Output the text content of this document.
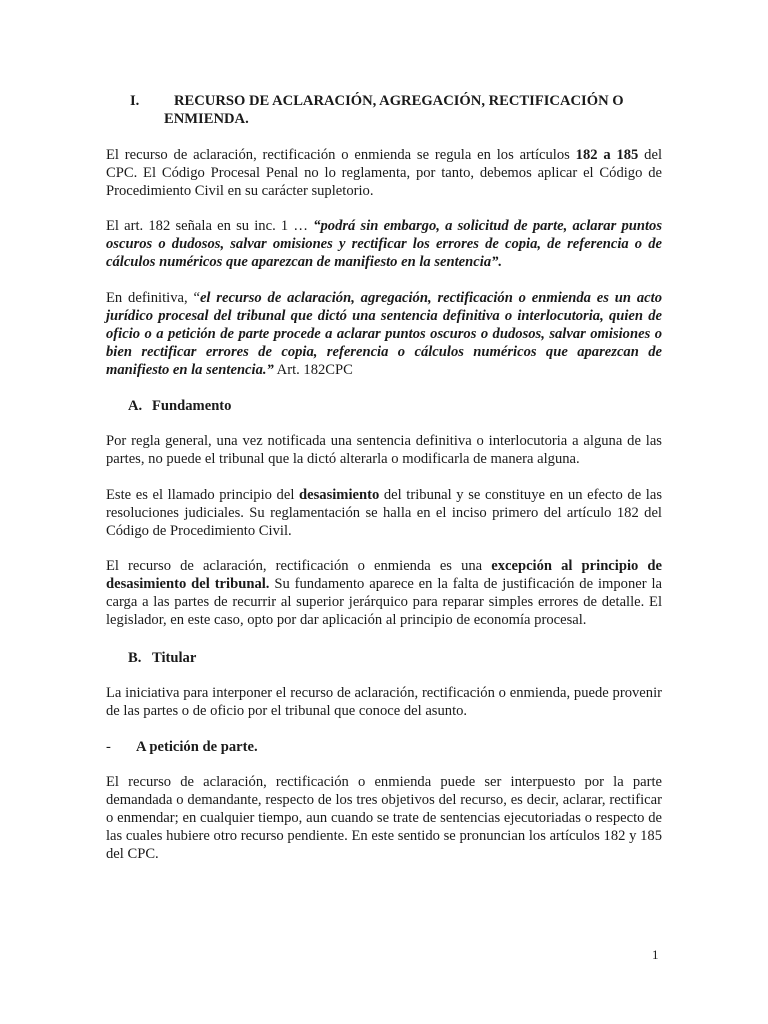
I. RECURSO DE ACLARACIÓN, AGREGACIÓN, RECTIFICACIÓN O
ENMIENDA.

El recurso de aclaración, rectificación o enmienda se regula en los artículos 182 a 185 del CPC. El Código Procesal Penal no lo reglamenta, por tanto, debemos aplicar el Código de Procedimiento Civil en su carácter supletorio.

El art. 182 señala en su inc. 1 … “podrá sin embargo, a solicitud de parte, aclarar puntos oscuros o dudosos, salvar omisiones y rectificar los errores de copia, de referencia o de cálculos numéricos que aparezcan de manifiesto en la sentencia”.

En definitiva, “el recurso de aclaración, agregación, rectificación o enmienda es un acto jurídico procesal del tribunal que dictó una sentencia definitiva o interlocutoria, quien de oficio o a petición de parte procede a aclarar puntos oscuros o dudosos, salvar omisiones o bien rectificar errores de copia, referencia o cálculos numéricos que aparezcan de manifiesto en la sentencia.” Art. 182CPC

A. Fundamento

Por regla general, una vez notificada una sentencia definitiva o interlocutoria a alguna de las partes, no puede el tribunal que la dictó alterarla o modificarla de manera alguna.

Este es el llamado principio del desasimiento del tribunal y se constituye en un efecto de las resoluciones judiciales. Su reglamentación se halla en el inciso primero del artículo 182 del Código de Procedimiento Civil.

El recurso de aclaración, rectificación o enmienda es una excepción al principio de desasimiento del tribunal. Su fundamento aparece en la falta de justificación de imponer la carga a las partes de recurrir al superior jerárquico para reparar simples errores de detalle. El legislador, en este caso, opto por dar aplicación al principio de economía procesal.

B. Titular

La iniciativa para interponer el recurso de aclaración, rectificación o enmienda, puede provenir de las partes o de oficio por el tribunal que conoce del asunto.

- A petición de parte.

El recurso de aclaración, rectificación o enmienda puede ser interpuesto por la parte demandada o demandante, respecto de los tres objetivos del recurso, es decir, aclarar, rectificar o enmendar; en cualquier tiempo, aun cuando se trate de sentencias ejecutoriadas o respecto de las cuales hubiere otro recurso pendiente. En este sentido se pronuncian los artículos 182 y 185 del CPC.

1
